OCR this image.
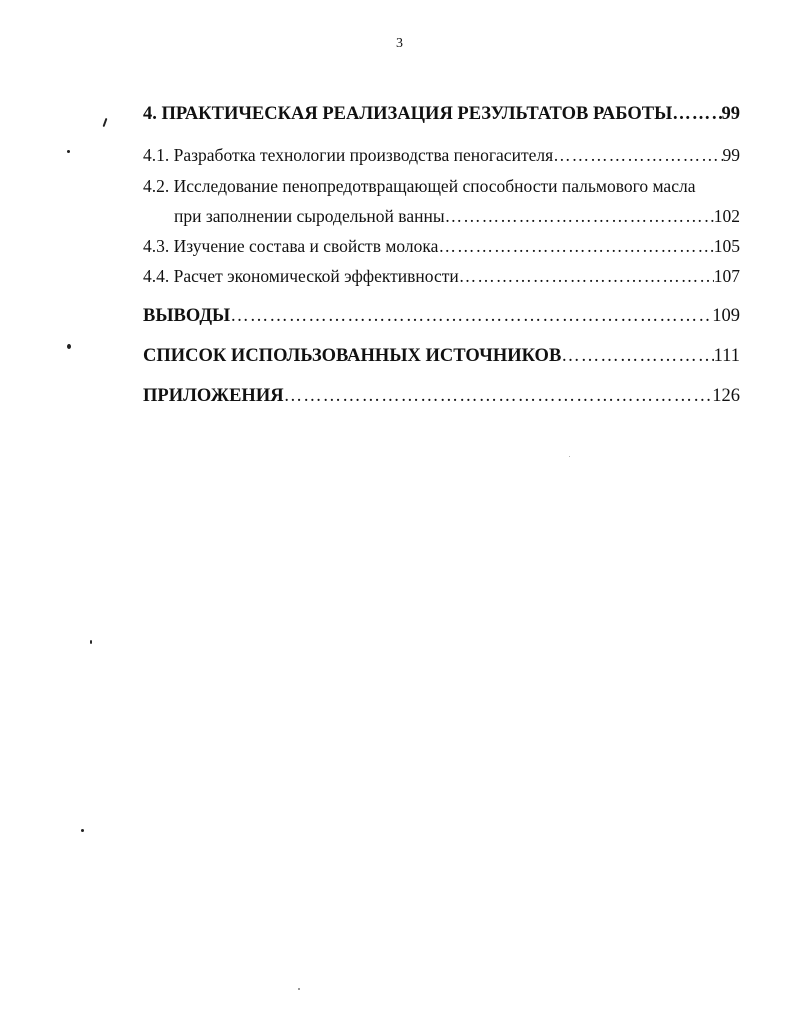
3
4. ПРАКТИЧЕСКАЯ РЕАЛИЗАЦИЯ РЕЗУЛЬТАТОВ РАБОТЫ …………………………………………………………………………………………………………………………………………………………………………………………	99
4.1. Разработка технологии производства пеногасителя …………………………………………………………………………………………………………………………………………………………………………………………	99
4.2. Исследование пенопредотвращающей способности пальмового масла
при заполнении сыродельной ванны …………………………………………………………………………………………………………………………………………………………………………………………	102
4.3. Изучение состава и свойств молока …………………………………………………………………………………………………………………………………………………………………………………………	105
4.4. Расчет экономической эффективности …………………………………………………………………………………………………………………………………………………………………………………………	107
ВЫВОДЫ …………………………………………………………………………………………………………………………………………………………………………………………	109
СПИСОК ИСПОЛЬЗОВАННЫХ ИСТОЧНИКОВ …………………………………………………………………………………………………………………………………………………………………………………………	111
ПРИЛОЖЕНИЯ …………………………………………………………………………………………………………………………………………………………………………………………	126
